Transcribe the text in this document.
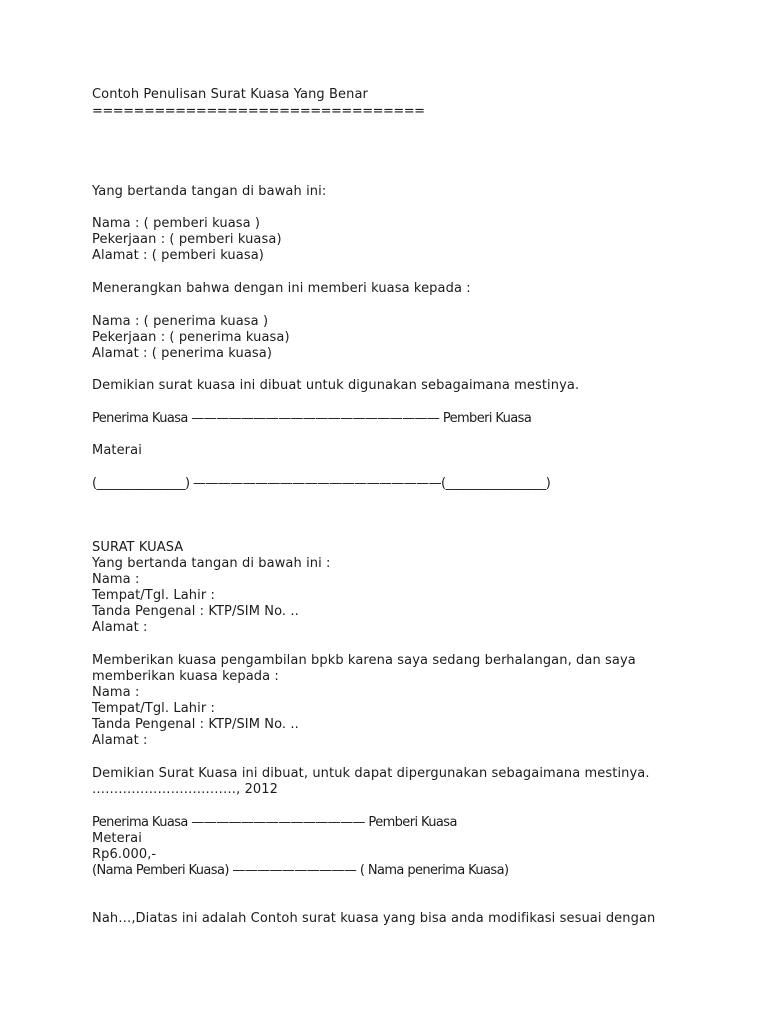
Contoh Penulisan Surat Kuasa Yang Benar
================================
Yang bertanda tangan di bawah ini:
Nama : ( pemberi kuasa )
Pekerjaan : ( pemberi kuasa)
Alamat : ( pemberi kuasa)
Menerangkan bahwa dengan ini memberi kuasa kepada :
Nama : ( penerima kuasa )
Pekerjaan : ( penerima kuasa)
Alamat : ( penerima kuasa)
Demikian surat kuasa ini dibuat untuk digunakan sebagaimana mestinya.
Penerima Kuasa ———————————————————— Pemberi Kuasa
Materai
(_______________) ————————————————————(_________________)
SURAT KUASA
Yang bertanda tangan di bawah ini :
Nama :
Tempat/Tgl. Lahir :
Tanda Pengenal : KTP/SIM No. ..
Alamat :
Memberikan kuasa pengambilan bpkb karena saya sedang berhalangan, dan saya
memberikan kuasa kepada :
Nama :
Tempat/Tgl. Lahir :
Tanda Pengenal : KTP/SIM No. ..
Alamat :
Demikian Surat Kuasa ini dibuat, untuk dapat dipergunakan sebagaimana mestinya.
……………………………, 2012
Penerima Kuasa —————————————— Pemberi Kuasa
Meterai
Rp6.000,-
(Nama Pemberi Kuasa) —————————— ( Nama penerima Kuasa)
Nah…,Diatas ini adalah Contoh surat kuasa yang bisa anda modifikasi sesuai dengan
